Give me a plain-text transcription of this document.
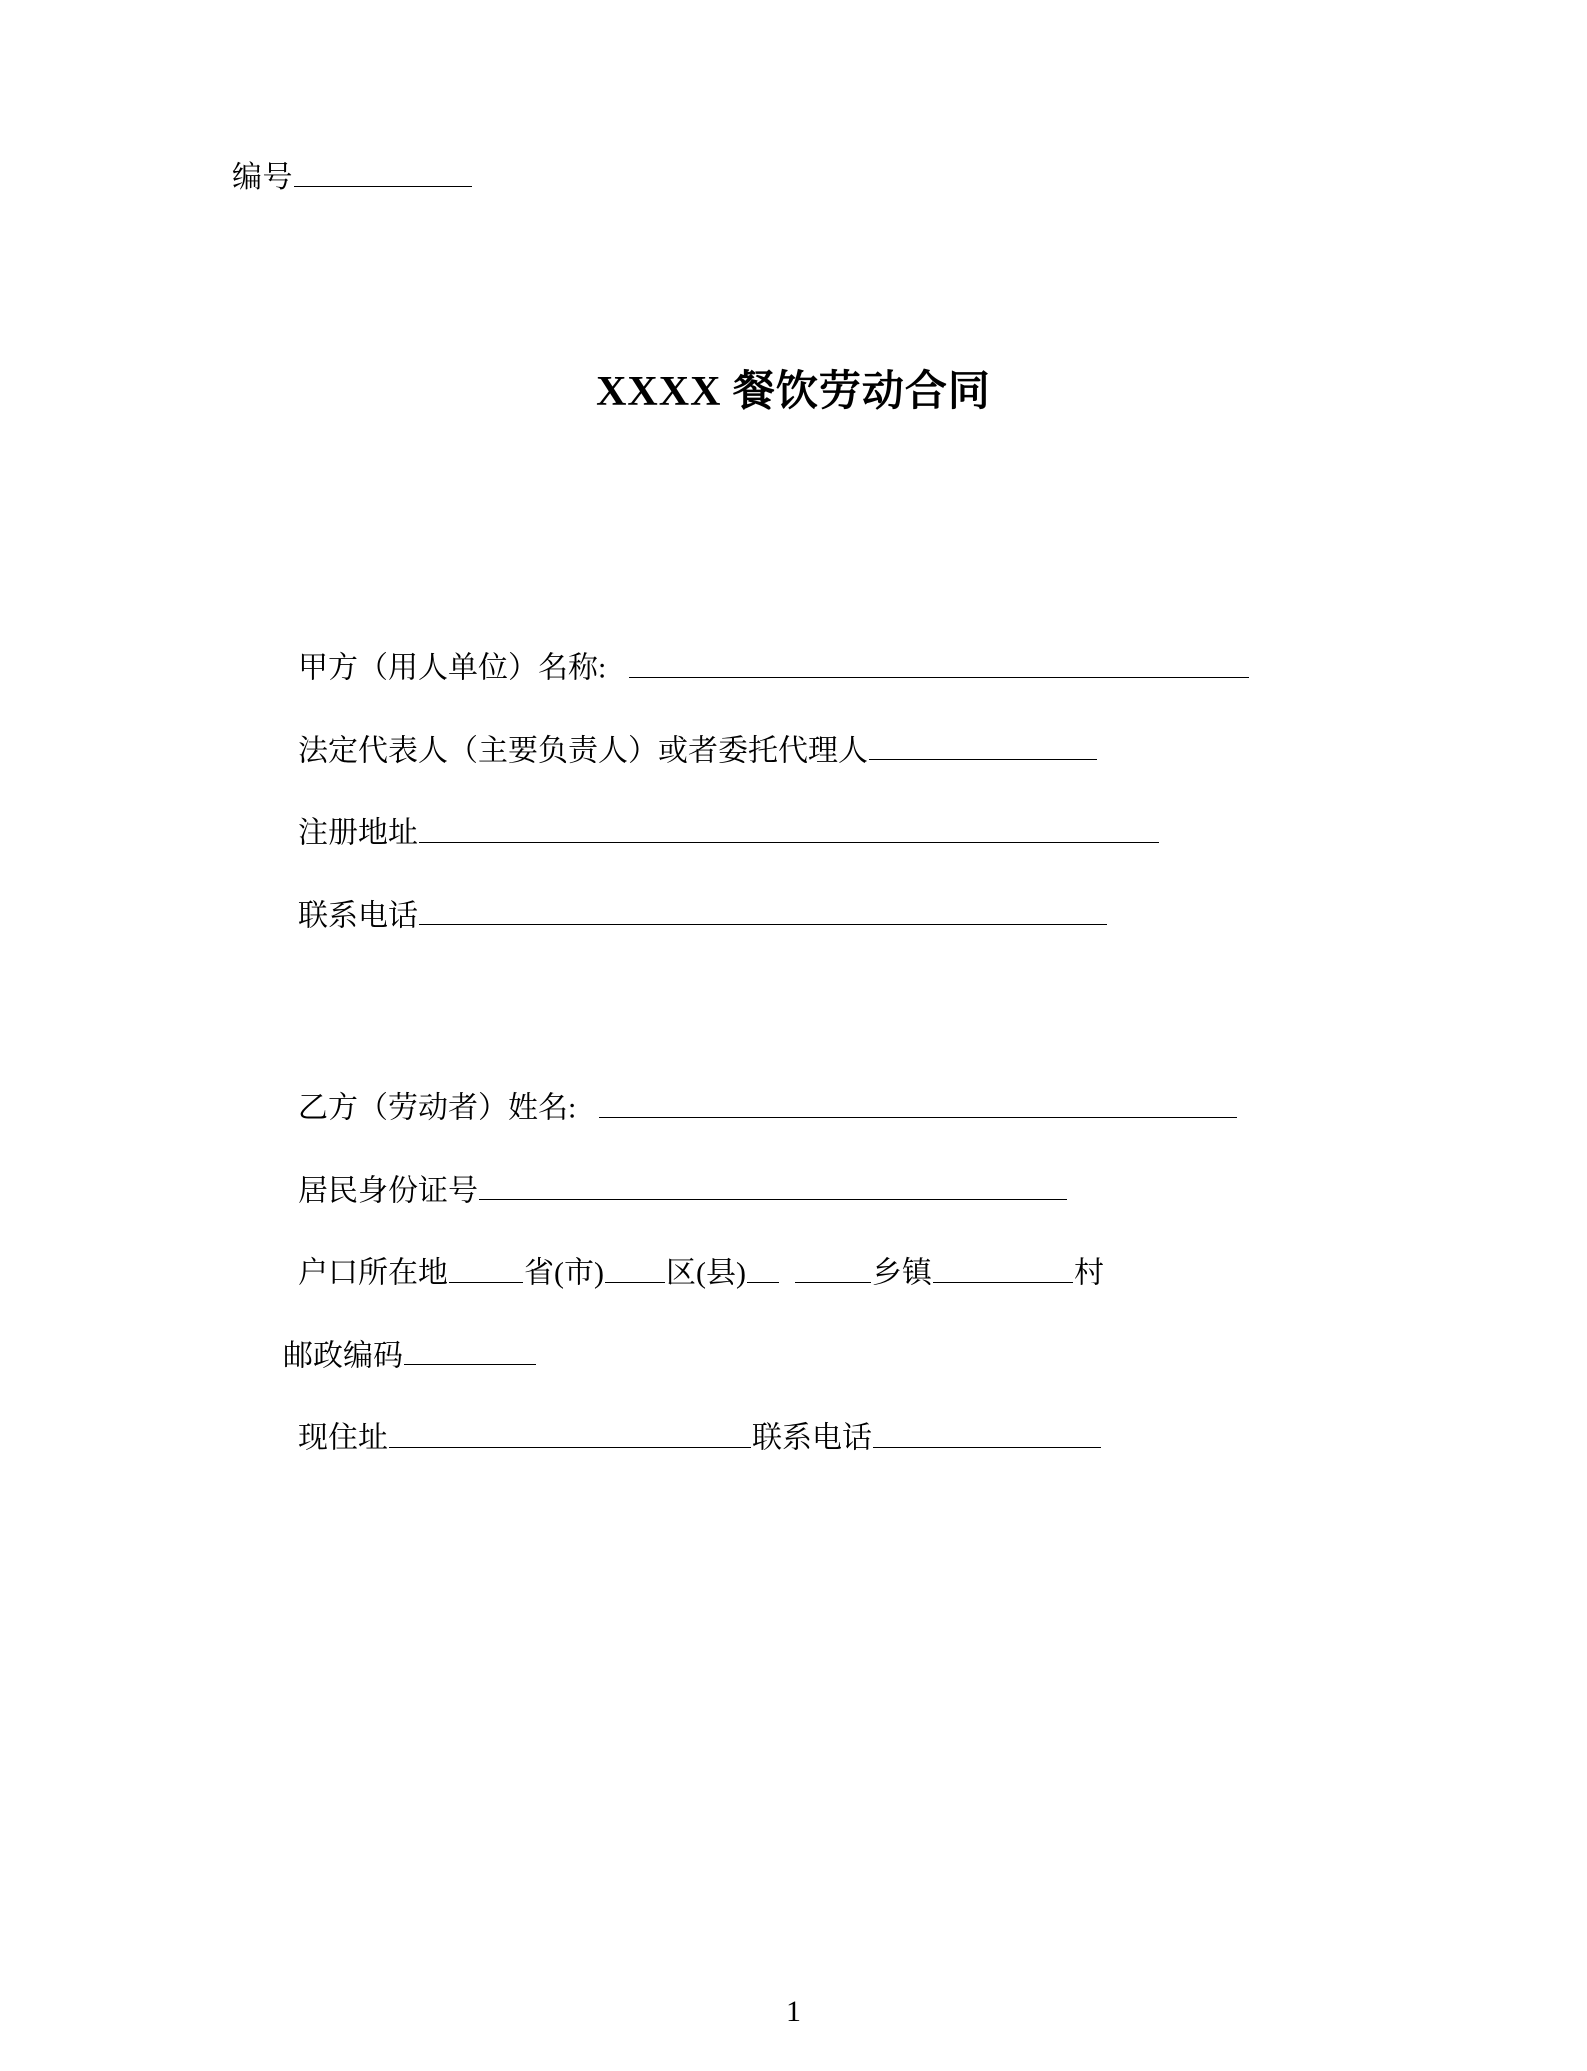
编号
XXXX 餐饮劳动合同
甲方（用人单位）名称:
法定代表人（主要负责人）或者委托代理人
注册地址
联系电话
乙方（劳动者）姓名:
居民身份证号
户口所在地	省(市) 区(县)	乡镇	村
邮政编码
现住址	联系电话
1
